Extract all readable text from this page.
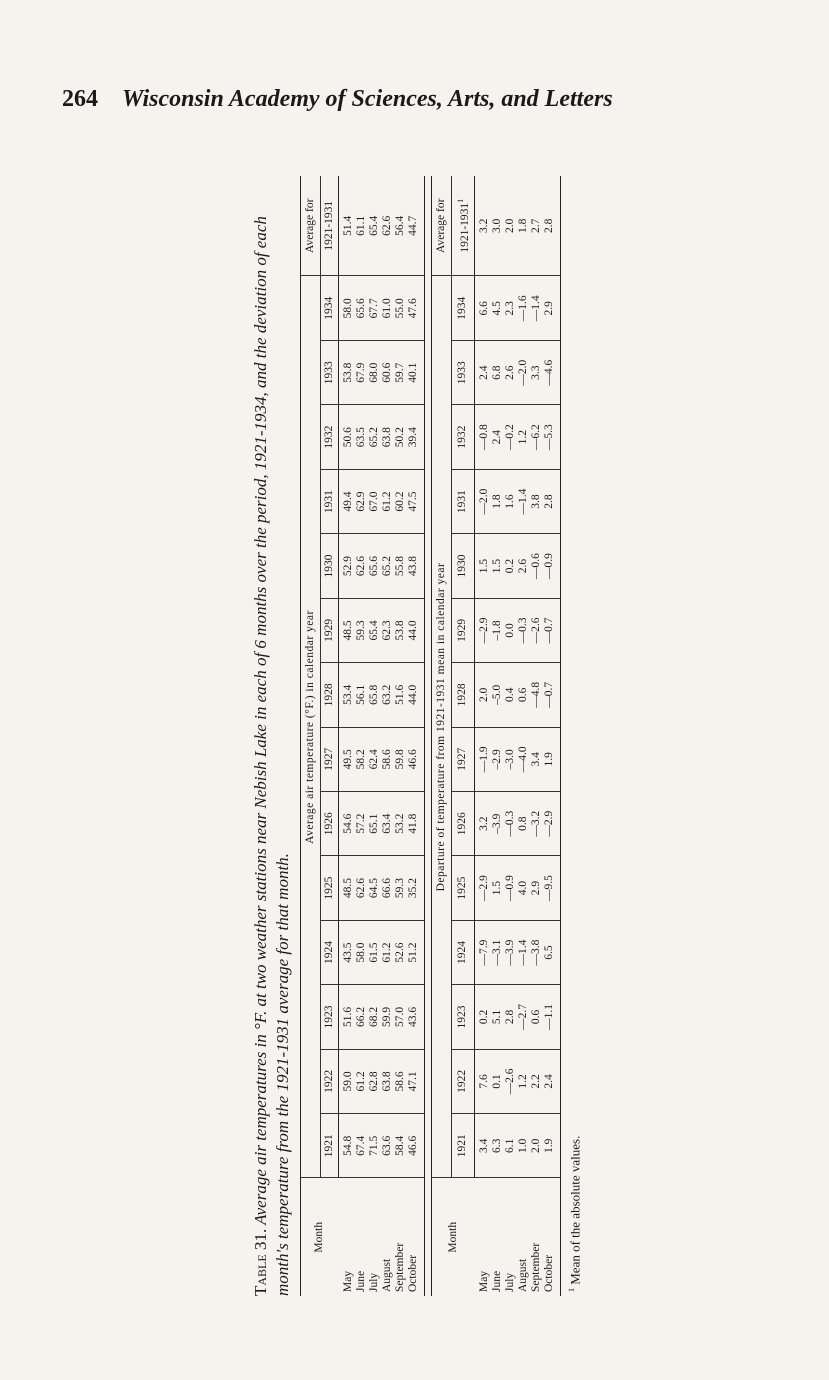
264 Wisconsin Academy of Sciences, Arts, and Letters
Table 31. Average air temperatures in °F. at two weather stations near Nebish Lake in each of 6 months over the period, 1921-1934, and the deviation of each month's temperature from the 1921-1931 average for that month. Month	Average air temperature (°F.) in calendar year														Average for
	1921	1922	1923	1924	1925	1926	1927	1928	1929	1930	1931	1932	1933	1934	1921-1931
May	54.8	59.0	51.6	43.5	48.5	54.6	49.5	53.4	48.5	52.9	49.4	50.6	53.8	58.0	51.4
June	67.4	61.2	66.2	58.0	62.6	57.2	58.2	56.1	59.3	62.6	62.9	63.5	67.9	65.6	61.1
July	71.5	62.8	68.2	61.5	64.5	65.1	62.4	65.8	65.4	65.6	67.0	65.2	68.0	67.7	65.4
August	63.6	63.8	59.9	61.2	66.6	63.4	58.6	63.2	62.3	65.2	61.2	63.8	60.6	61.0	62.6
September	58.4	58.6	57.0	52.6	59.3	53.2	59.8	51.6	53.8	55.8	60.2	50.2	59.7	55.0	56.4
October	46.6	47.1	43.6	51.2	35.2	41.8	46.6	44.0	44.0	43.8	47.5	39.4	40.1	47.6	44.7

Month	Departure of temperature from 1921-1931 mean in calendar year														Average for
	1921	1922	1923	1924	1925	1926	1927	1928	1929	1930	1931	1932	1933	1934	1921-1931$^1$
May	3.4	7.6	0.2	—7.9	—2.9	3.2	—1.9	2.0	—2.9	1.5	—2.0	—0.8	2.4	6.6	3.2
June	6.3	0.1	5.1	—3.1	1.5	–3.9	–2.9	–5.0	–1.8	1.5	1.8	2.4	6.8	4.5	3.0
July	6.1	—2.6	2.8	—3.9	—0.9	—0.3	–3.0	0.4	0.0	0.2	1.6	—0.2	2.6	2.3	2.0
August	1.0	1.2	—2.7	—1.4	4.0	0.8	—4.0	0.6	—0.3	2.6	—1.4	1.2	—2.0	—1.6	1.8
September	2.0	2.2	0.6	—3.8	2.9	—3.2	3.4	—4.8	—2.6	—0.6	3.8	—6.2	3.3	—1.4	2.7
October	1.9	2.4	—1.1	6.5	—9.5	—2.9	1.9	—0.7	—0.7	—0.9	2.8	—5.3	—4.6	2.9	2.8
$^1$ Mean of the absolute values.
